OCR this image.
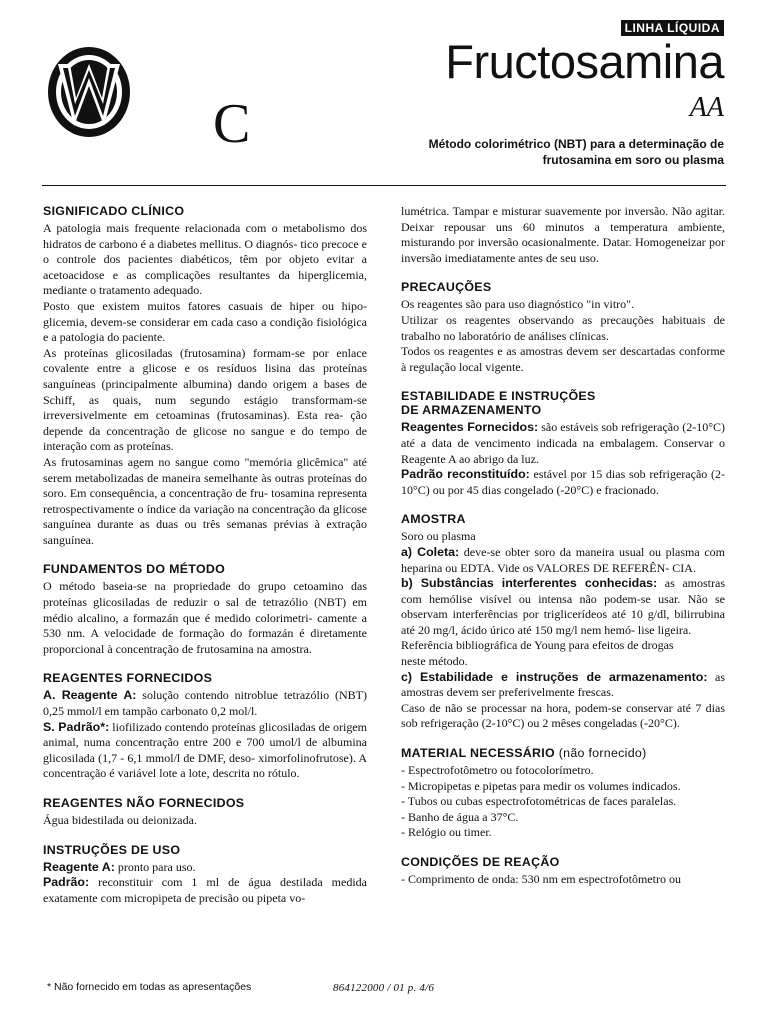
C
LINHA LÍQUIDA
Fructosamina
AA
Método colorimétrico (NBT) para a determinação de frutosamina em soro ou plasma
SIGNIFICADO CLÍNICO

A patologia mais frequente relacionada com o metabolismo dos hidratos de carbono é a diabetes mellitus. O diagnós- tico precoce e o controle dos pacientes diabéticos, têm por objeto evitar a acetoacidose e as complicações resultantes da hiperglicemia, mediante o tratamento adequado.

Posto que existem muitos fatores casuais de hiper ou hipo- glicemia, devem-se considerar em cada caso a condição fisiológica e a patologia do paciente.

As proteínas glicosiladas (frutosamina) formam-se por enlace covalente entre a glicose e os resíduos lisina das proteínas sanguíneas (principalmente albumina) dando origem a bases de Schiff, as quais, num segundo estágio transformam-se irreversivelmente em cetoaminas (frutosaminas). Esta rea- ção depende da concentração de glicose no sangue e do tempo de interação com as proteínas.

As frutosaminas agem no sangue como "memória glicêmica" até serem metabolizadas de maneira semelhante às outras proteínas do soro. Em consequência, a concentração de fru- tosamina representa retrospectivamente o índice da variação na concentração da glicose sanguínea durante as duas ou três semanas prévias à extração sanguínea.

FUNDAMENTOS DO MÉTODO

O método baseia-se na propriedade do grupo cetoamino das proteínas glicosiladas de reduzir o sal de tetrazólio (NBT) em médio alcalino, a formazán que é medido colorimetri- camente a 530 nm. A velocidade de formação do formazán é diretamente proporcional à concentração de frutosamina na amostra.

REAGENTES FORNECIDOS

A. Reagente A: solução contendo nitroblue tetrazólio (NBT) 0,25 mmol/l em tampão carbonato 0,2 mol/l.

S. Padrão*: liofilizado contendo proteínas glicosiladas de origem animal, numa concentração entre 200 e 700 umol/l de albumina glicosilada (1,7 - 6,1 mmol/l de DMF, deso- ximorfolinofrutose). A concentração é variável lote a lote, descrita no rótulo.

REAGENTES NÃO FORNECIDOS

Água bidestilada ou deionizada.

INSTRUÇÕES DE USO

Reagente A: pronto para uso.

Padrão: reconstituir com 1 ml de água destilada medida exatamente com micropipeta de precisão ou pipeta vo-

lumétrica. Tampar e misturar suavemente por inversão. Não agitar. Deixar repousar uns 60 minutos a temperatura ambiente, misturando por inversão ocasionalmente. Datar. Homogeneizar por inversão imediatamente antes de seu uso.

PRECAUÇÕES

Os reagentes são para uso diagnóstico "in vitro".

Utilizar os reagentes observando as precauções habituais de trabalho no laboratório de análises clínicas.

Todos os reagentes e as amostras devem ser descartadas conforme à regulação local vigente.

ESTABILIDADE E INSTRUÇÕES
DE ARMAZENAMENTO

Reagentes Fornecidos: são estáveis sob refrigeração (2-10°C) até a data de vencimento indicada na embalagem. Conservar o Reagente A ao abrigo da luz.

Padrão reconstituído: estável por 15 dias sob refrigeração (2-10°C) ou por 45 dias congelado (-20°C) e fracionado.

AMOSTRA

Soro ou plasma

a) Coleta: deve-se obter soro da maneira usual ou plasma com heparina ou EDTA. Vide os VALORES DE REFERÊN- CIA.

b) Substâncias interferentes conhecidas: as amostras com hemólise visível ou intensa não podem-se usar. Não se observam interferências por triglicerídeos até 10 g/dl, bilirrubina até 20 mg/l, ácido úrico até 150 mg/l nem hemó- lise ligeira.

Referência bibliográfica de Young para efeitos de drogas

neste método.

c) Estabilidade e instruções de armazenamento: as amostras devem ser preferivelmente frescas.

Caso de não se processar na hora, podem-se conservar até 7 dias sob refrigeração (2-10°C) ou 2 mêses congeladas (-20°C).

MATERIAL NECESSÁRIO (não fornecido)

- Espectrofotômetro ou fotocolorímetro.

- Micropipetas e pipetas para medir os volumes indicados.

- Tubos ou cubas espectrofotométricas de faces paralelas.

- Banho de água a 37°C.

- Relógio ou timer.

CONDIÇÕES DE REAÇÃO

- Comprimento de onda: 530 nm em espectrofotômetro ou

* Não fornecido em todas as apresentações	864122000 / 01 p. 4/6
